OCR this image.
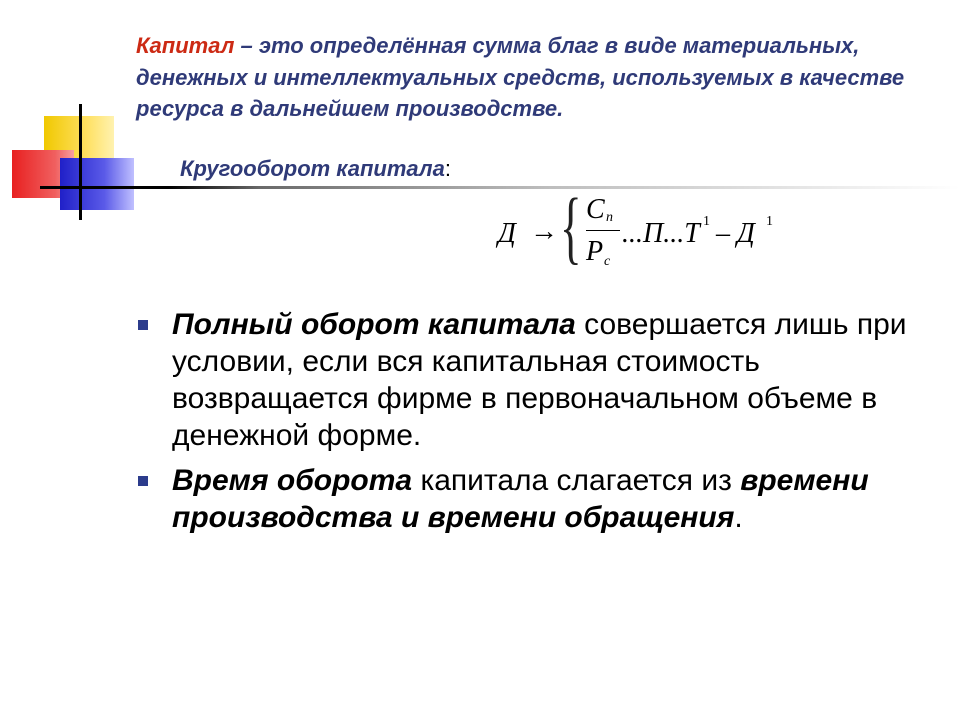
Капитал – это определённая сумма благ в виде материальных, денежных и интеллектуальных средств, используемых в качестве ресурса в дальнейшем производстве.
Кругооборот капитала:
Д → { C п
P c
...П...Т 1 – Д 1
Полный оборот капитала совершается лишь при условии, если вся капитальная стоимость возвращается фирме в первоначальном объеме в денежной форме.
Время оборота капитала слагается из времени производства и времени обращения.
